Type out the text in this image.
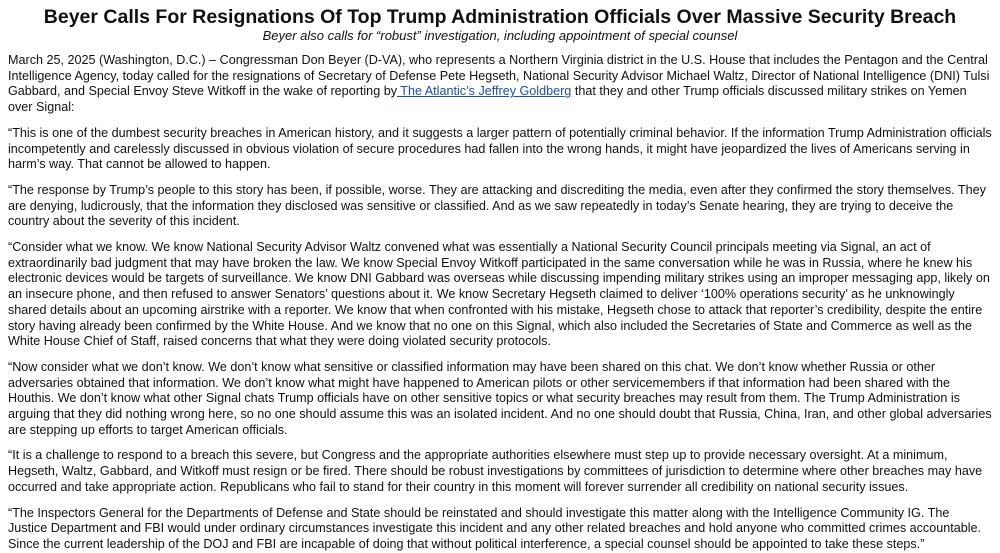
Beyer Calls For Resignations Of Top Trump Administration Officials Over Massive Security Breach

Beyer also calls for “robust” investigation, including appointment of special counsel

March 25, 2025 (Washington, D.C.) – Congressman Don Beyer (D-VA), who represents a Northern Virginia district in the U.S. House that includes the Pentagon and the Central Intelligence Agency, today called for the resignations of Secretary of Defense Pete Hegseth, National Security Advisor Michael Waltz, Director of National Intelligence (DNI) Tulsi Gabbard, and Special Envoy Steve Witkoff in the wake of reporting by The Atlantic’s Jeffrey Goldberg that they and other Trump officials discussed military strikes on Yemen over Signal:

“This is one of the dumbest security breaches in American history, and it suggests a larger pattern of potentially criminal behavior. If the information Trump Administration officials incompetently and carelessly discussed in obvious violation of secure procedures had fallen into the wrong hands, it might have jeopardized the lives of Americans serving in harm’s way. That cannot be allowed to happen.

“The response by Trump’s people to this story has been, if possible, worse. They are attacking and discrediting the media, even after they confirmed the story themselves. They are denying, ludicrously, that the information they disclosed was sensitive or classified. And as we saw repeatedly in today’s Senate hearing, they are trying to deceive the country about the severity of this incident.

“Consider what we know. We know National Security Advisor Waltz convened what was essentially a National Security Council principals meeting via Signal, an act of extraordinarily bad judgment that may have broken the law. We know Special Envoy Witkoff participated in the same conversation while he was in Russia, where he knew his electronic devices would be targets of surveillance. We know DNI Gabbard was overseas while discussing impending military strikes using an improper messaging app, likely on an insecure phone, and then refused to answer Senators’ questions about it. We know Secretary Hegseth claimed to deliver ‘100% operations security’ as he unknowingly shared details about an upcoming airstrike with a reporter. We know that when confronted with his mistake, Hegseth chose to attack that reporter’s credibility, despite the entire story having already been confirmed by the White House. And we know that no one on this Signal, which also included the Secretaries of State and Commerce as well as the White House Chief of Staff, raised concerns that what they were doing violated security protocols.

“Now consider what we don’t know. We don’t know what sensitive or classified information may have been shared on this chat. We don’t know whether Russia or other adversaries obtained that information. We don’t know what might have happened to American pilots or other servicemembers if that information had been shared with the Houthis. We don’t know what other Signal chats Trump officials have on other sensitive topics or what security breaches may result from them. The Trump Administration is arguing that they did nothing wrong here, so no one should assume this was an isolated incident. And no one should doubt that Russia, China, Iran, and other global adversaries are stepping up efforts to target American officials.

“It is a challenge to respond to a breach this severe, but Congress and the appropriate authorities elsewhere must step up to provide necessary oversight. At a minimum, Hegseth, Waltz, Gabbard, and Witkoff must resign or be fired. There should be robust investigations by committees of jurisdiction to determine where other breaches may have occurred and take appropriate action. Republicans who fail to stand for their country in this moment will forever surrender all credibility on national security issues.

“The Inspectors General for the Departments of Defense and State should be reinstated and should investigate this matter along with the Intelligence Community IG. The Justice Department and FBI would under ordinary circumstances investigate this incident and any other related breaches and hold anyone who committed crimes accountable. Since the current leadership of the DOJ and FBI are incapable of doing that without political interference, a special counsel should be appointed to take these steps.”
